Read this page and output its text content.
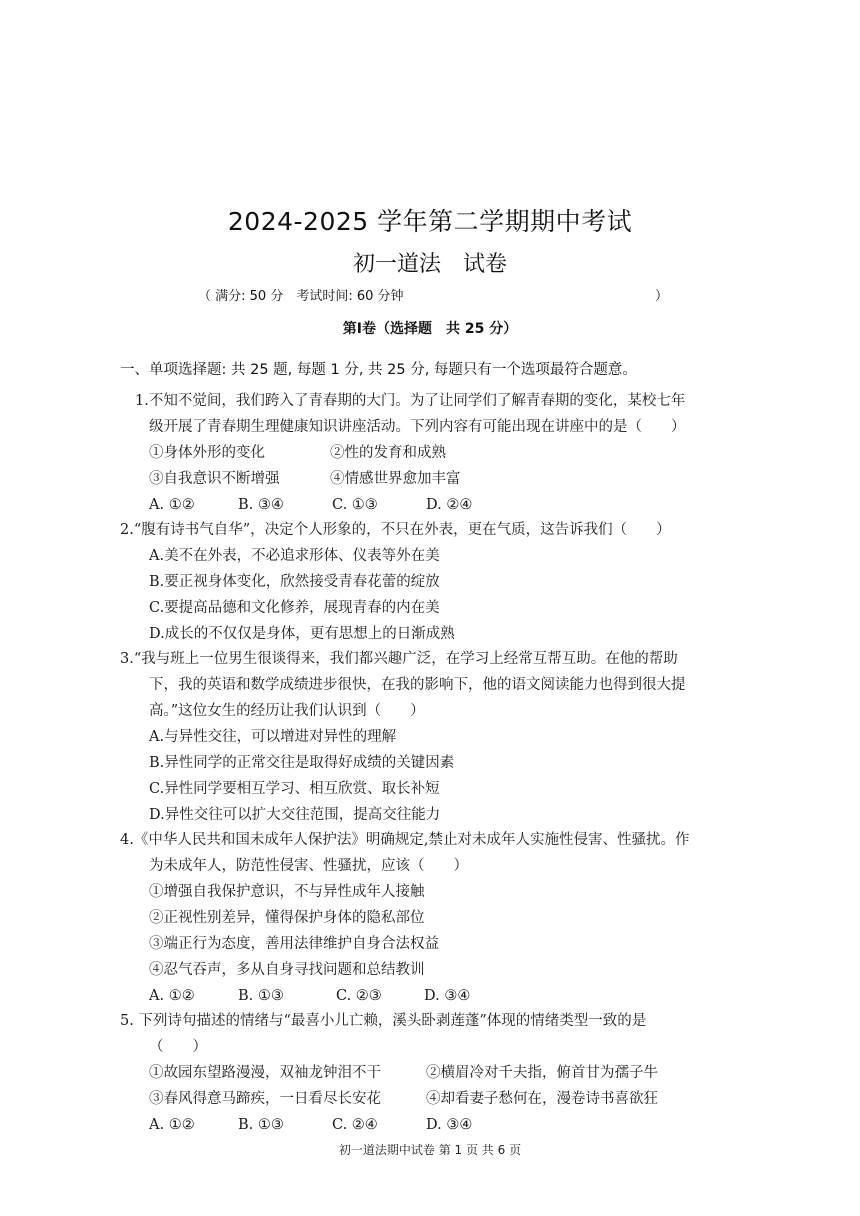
2024-2025 学年第二学期期中考试
初一道法　试卷
（ 满分: 50 分　考试时间: 60 分钟	）
第Ⅰ卷（选择题　共 25 分）
一、单项选择题: 共 25 题, 每题 1 分, 共 25 分, 每题只有一个选项最符合题意。
1.不知不觉间，我们跨入了青春期的大门。为了让同学们了解青春期的变化，某校七年
级开展了青春期生理健康知识讲座活动。下列内容有可能出现在讲座中的是（　　）
①身体外形的变化	②性的发育和成熟
③自我意识不断增强	④情感世界愈加丰富
A. ①②	B. ③④	C. ①③	D. ②④
2.“腹有诗书气自华”，决定个人形象的，不只在外表，更在气质，这告诉我们（　　）
A.美不在外表，不必追求形体、仪表等外在美
B.要正视身体变化，欣然接受青春花蕾的绽放
C.要提高品德和文化修养，展现青春的内在美
D.成长的不仅仅是身体，更有思想上的日渐成熟
3.“我与班上一位男生很谈得来，我们都兴趣广泛，在学习上经常互帮互助。在他的帮助
下，我的英语和数学成绩进步很快，在我的影响下，他的语文阅读能力也得到很大提
高。”这位女生的经历让我们认识到（　　）
A.与异性交往，可以增进对异性的理解
B.异性同学的正常交往是取得好成绩的关键因素
C.异性同学要相互学习、相互欣赏、取长补短
D.异性交往可以扩大交往范围，提高交往能力
4.《中华人民共和国未成年人保护法》明确规定,禁止对未成年人实施性侵害、性骚扰。作
为未成年人，防范性侵害、性骚扰，应该（　　）
①增强自我保护意识，不与异性成年人接触
②正视性别差异，懂得保护身体的隐私部位
③端正行为态度，善用法律维护自身合法权益
④忍气吞声，多从自身寻找问题和总结教训
A. ①②	B. ①③	C. ②③	D. ③④
5. 下列诗句描述的情绪与“最喜小儿亡赖，溪头卧剥莲蓬”体现的情绪类型一致的是
（　　）
①故园东望路漫漫，双袖龙钟泪不干	②横眉冷对千夫指，俯首甘为孺子牛
③春风得意马蹄疾，一日看尽长安花	④却看妻子愁何在，漫卷诗书喜欲狂
A. ①②	B. ①③	C. ②④	D. ③④
初一道法期中试卷 第 1 页 共 6 页
